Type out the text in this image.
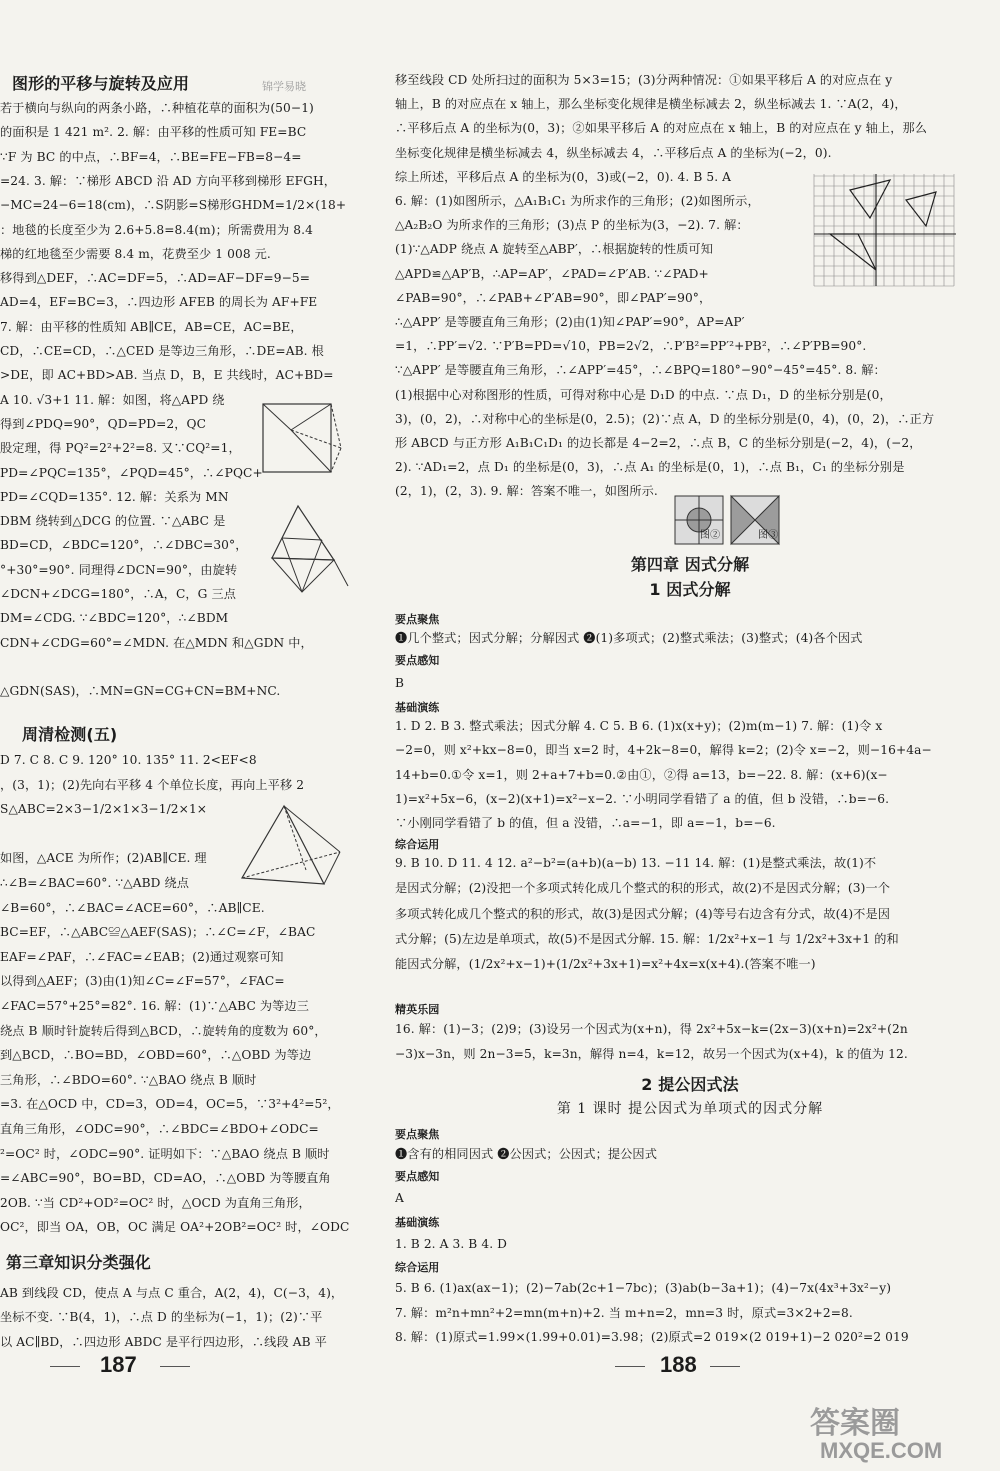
图形的平移与旋转及应用	锦学易晓
若于横向与纵向的两条小路，∴种植花草的面积为(50−1)
的面积是 1 421 m². 2. 解：由平移的性质可知 FE=BC
∵F 为 BC 的中点，∴BF=4，∴BE=FE−FB=8−4=
=24. 3. 解：∵梯形 ABCD 沿 AD 方向平移到梯形 EFGH，
−MC=24−6=18(cm)，∴S阴影=S梯形GHDM=1/2×(18+
：地毯的长度至少为 2.6+5.8=8.4(m)；所需费用为 8.4
梯的红地毯至少需要 8.4 m，花费至少 1 008 元.
移得到△DEF，∴AC=DF=5，∴AD=AF−DF=9−5=
AD=4，EF=BC=3，∴四边形 AFEB 的周长为 AF+FE
7. 解：由平移的性质知 AB∥CE，AB=CE，AC=BE，
CD，∴CE=CD，∴△CED 是等边三角形，∴DE=AB. 根
>DE，即 AC+BD>AB. 当点 D，B，E 共线时，AC+BD=
A 10. √3+1 11. 解：如图，将△APD 绕
得到∠PDQ=90°，QD=PD=2，QC
股定理，得 PQ²=2²+2²=8. 又∵CQ²=1，
PD=∠PQC=135°，∠PQD=45°，∴∠PQC+
PD=∠CQD=135°. 12. 解：关系为 MN
DBM 绕转到△DCG 的位置. ∵△ABC 是
BD=CD，∠BDC=120°，∴∠DBC=30°，
°+30°=90°. 同理得∠DCN=90°，由旋转
∠DCN+∠DCG=180°，∴A，C，G 三点
DM=∠CDG. ∵∠BDC=120°，∴∠BDM
CDN+∠CDG=60°=∠MDN. 在△MDN 和△GDN 中，
△GDN(SAS)，∴MN=GN=CG+CN=BM+NC.
周清检测(五)
D 7. C 8. C 9. 120° 10. 135° 11. 2<EF<8
，(3，1)；(2)先向右平移 4 个单位长度，再向上平移 2
S△ABC=2×3−1/2×1×3−1/2×1×
如图，△ACE 为所作；(2)AB∥CE. 理
∴∠B=∠BAC=60°. ∵△ABD 绕点
∠B=60°，∴∠BAC=∠ACE=60°，∴AB∥CE.
BC=EF，∴△ABC≌△AEF(SAS)；∴∠C=∠F，∠BAC
EAF=∠PAF，∴∠FAC=∠EAB；(2)通过观察可知
以得到△AEF；(3)由(1)知∠C=∠F=57°，∠FAC=
∠FAC=57°+25°=82°. 16. 解：(1)∵△ABC 为等边三
绕点 B 顺时针旋转后得到△BCD，∴旋转角的度数为 60°，
到△BCD，∴BO=BD，∠OBD=60°，∴△OBD 为等边
三角形，∴∠BDO=60°. ∵△BAO 绕点 B 顺时
=3. 在△OCD 中，CD=3，OD=4，OC=5，∵3²+4²=5²，
直角三角形，∠ODC=90°，∴∠BDC=∠BDO+∠ODC=
²=OC² 时，∠ODC=90°. 证明如下：∵△BAO 绕点 B 顺时
=∠ABC=90°，BO=BD，CD=AO，∴△OBD 为等腰直角
2OB. ∵当 CD²+OD²=OC² 时，△OCD 为直角三角形，
OC²，即当 OA，OB，OC 满足 OA²+2OB²=OC² 时，∠ODC
第三章知识分类强化
AB 到线段 CD，使点 A 与点 C 重合，A(2，4)，C(−3，4)，
坐标不变. ∵B(4，1)，∴点 D 的坐标为(−1，1)；(2)∵平
以 AC∥BD，∴四边形 ABDC 是平行四边形，∴线段 AB 平
187
移至线段 CD 处所扫过的面积为 5×3=15；(3)分两种情况：①如果平移后 A 的对应点在 y
轴上，B 的对应点在 x 轴上，那么坐标变化规律是横坐标减去 2，纵坐标减去 1. ∵A(2，4)，
∴平移后点 A 的坐标为(0，3)；②如果平移后 A 的对应点在 x 轴上，B 的对应点在 y 轴上，那么
坐标变化规律是横坐标减去 4，纵坐标减去 4，∴平移后点 A 的坐标为(−2，0).
综上所述，平移后点 A 的坐标为(0，3)或(−2，0). 4. B 5. A
6. 解：(1)如图所示，△A₁B₁C₁ 为所求作的三角形；(2)如图所示，
△A₂B₂O 为所求作的三角形；(3)点 P 的坐标为(3，−2). 7. 解：
(1)∵△ADP 绕点 A 旋转至△ABP′，∴根据旋转的性质可知
△APD≌△AP′B，∴AP=AP′，∠PAD=∠P′AB. ∵∠PAD+
∠PAB=90°，∴∠PAB+∠P′AB=90°，即∠PAP′=90°，
∴△APP′ 是等腰直角三角形；(2)由(1)知∠PAP′=90°，AP=AP′
=1，∴PP′=√2. ∵P′B=PD=√10，PB=2√2，∴P′B²=PP′²+PB²，∴∠P′PB=90°.
∵△APP′ 是等腰直角三角形，∴∠APP′=45°，∴∠BPQ=180°−90°−45°=45°. 8. 解：
(1)根据中心对称图形的性质，可得对称中心是 D₁D 的中点. ∵点 D₁，D 的坐标分别是(0，
3)，(0，2)，∴对称中心的坐标是(0，2.5)；(2)∵点 A，D 的坐标分别是(0，4)，(0，2)，∴正方
形 ABCD 与正方形 A₁B₁C₁D₁ 的边长都是 4−2=2，∴点 B，C 的坐标分别是(−2，4)，(−2，
2). ∵AD₁=2，点 D₁ 的坐标是(0，3)，∴点 A₁ 的坐标是(0，1)，∴点 B₁，C₁ 的坐标分别是
(2，1)，(2，3). 9. 解：答案不唯一，如图所示.
图②	图③
第四章 因式分解
1 因式分解
要点聚焦
❶几个整式；因式分解；分解因式 ❷(1)多项式；(2)整式乘法；(3)整式；(4)各个因式
要点感知
B
基础演练
1. D 2. B 3. 整式乘法；因式分解 4. C 5. B 6. (1)x(x+y)；(2)m(m−1) 7. 解：(1)令 x
−2=0，则 x²+kx−8=0，即当 x=2 时，4+2k−8=0，解得 k=2；(2)令 x=−2，则−16+4a−
14+b=0.①令 x=1，则 2+a+7+b=0.②由①，②得 a=13，b=−22. 8. 解：(x+6)(x−
1)=x²+5x−6，(x−2)(x+1)=x²−x−2. ∵小明同学看错了 a 的值，但 b 没错，∴b=−6.
∵小刚同学看错了 b 的值，但 a 没错，∴a=−1，即 a=−1，b=−6.
综合运用
9. B 10. D 11. 4 12. a²−b²=(a+b)(a−b) 13. −11 14. 解：(1)是整式乘法，故(1)不
是因式分解；(2)没把一个多项式转化成几个整式的积的形式，故(2)不是因式分解；(3)一个
多项式转化成几个整式的积的形式，故(3)是因式分解；(4)等号右边含有分式，故(4)不是因
式分解；(5)左边是单项式，故(5)不是因式分解. 15. 解：1/2x²+x−1 与 1/2x²+3x+1 的和
能因式分解，(1/2x²+x−1)+(1/2x²+3x+1)=x²+4x=x(x+4).(答案不唯一)
精英乐园
16. 解：(1)−3；(2)9；(3)设另一个因式为(x+n)，得 2x²+5x−k=(2x−3)(x+n)=2x²+(2n
−3)x−3n，则 2n−3=5，k=3n，解得 n=4，k=12，故另一个因式为(x+4)，k 的值为 12.
2 提公因式法
第 1 课时 提公因式为单项式的因式分解
要点聚焦
❶含有的相同因式 ❷公因式；公因式；提公因式
要点感知
A
基础演练
1. B 2. A 3. B 4. D
综合运用
5. B 6. (1)ax(ax−1)；(2)−7ab(2c+1−7bc)；(3)ab(b−3a+1)；(4)−7x(4x³+3x²−y)
7. 解：m²n+mn²+2=mn(m+n)+2. 当 m+n=2，mn=3 时，原式=3×2+2=8.
8. 解：(1)原式=1.99×(1.99+0.01)=3.98；(2)原式=2 019×(2 019+1)−2 020²=2 019
188
答案圈
MXQE.COM
